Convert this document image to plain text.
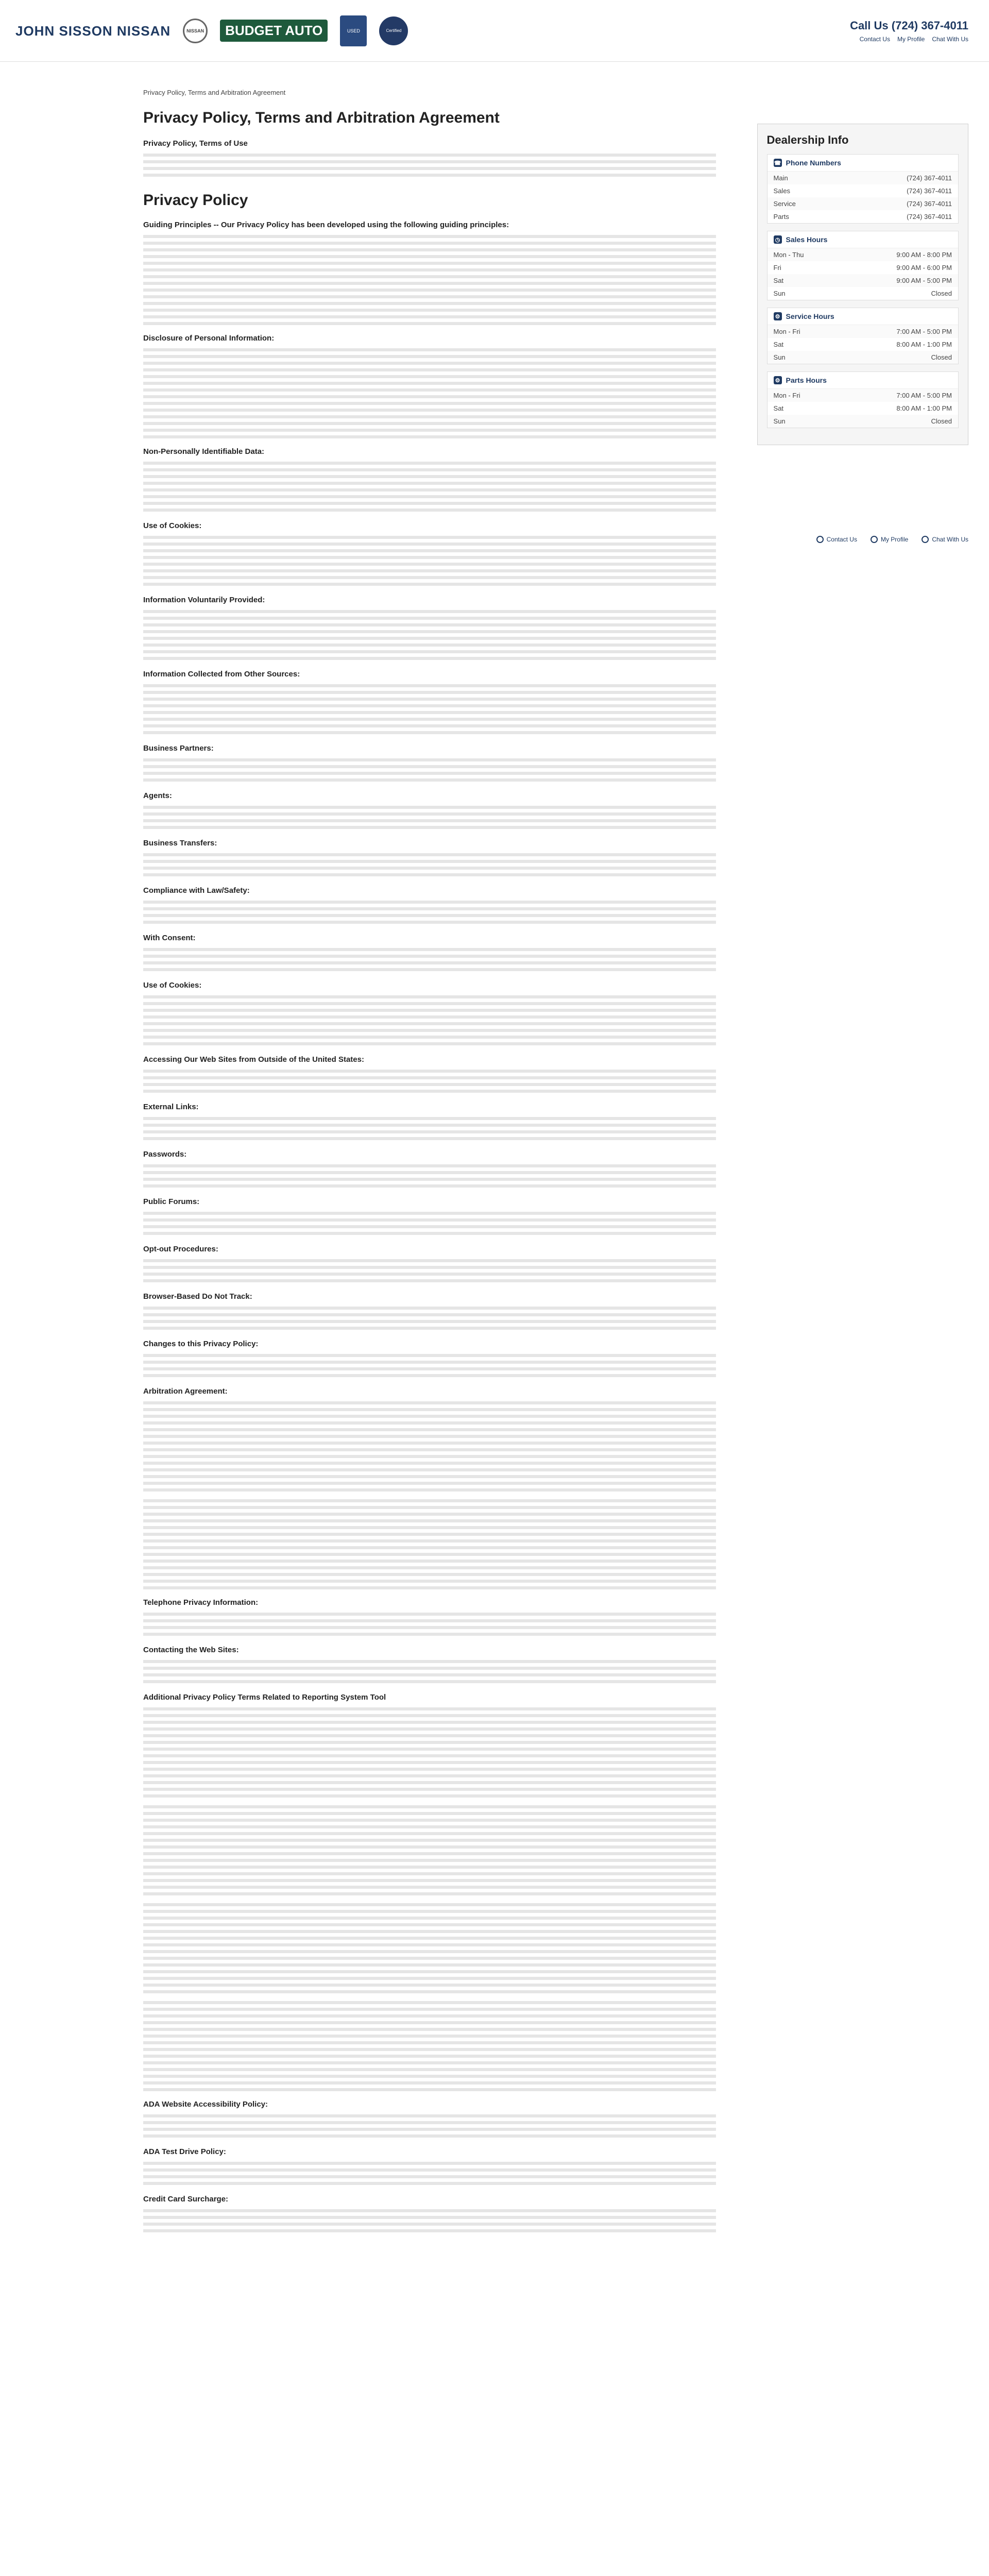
JOHN SISSON NISSAN	NISSAN	BUDGET AUTO	USED	Certified	Call Us (724) 367-4011
Contact Us My Profile Chat With Us
Privacy Policy, Terms and Arbitration Agreement
Privacy Policy, Terms and Arbitration Agreement
Privacy Policy, Terms of Use
Privacy Policy
Guiding Principles -- Our Privacy Policy has been developed using the following guiding principles:
Disclosure of Personal Information:
Non-Personally Identifiable Data:
Use of Cookies:
Information Voluntarily Provided:
Information Collected from Other Sources:
Business Partners:
Agents:
Business Transfers:
Compliance with Law/Safety:
With Consent:
Use of Cookies:
Accessing Our Web Sites from Outside of the United States:
External Links:
Passwords:
Public Forums:
Opt-out Procedures:
Browser-Based Do Not Track:
Changes to this Privacy Policy:
Arbitration Agreement:
Telephone Privacy Information:
Contacting the Web Sites:
Additional Privacy Policy Terms Related to Reporting System Tool
ADA Website Accessibility Policy:
ADA Test Drive Policy:
Credit Card Surcharge:
Dealership Info
☎ Phone Numbers
Main	(724) 367-4011
Sales	(724) 367-4011
Service	(724) 367-4011
Parts	(724) 367-4011
◷ Sales Hours
Mon - Thu	9:00 AM - 8:00 PM
Fri	9:00 AM - 6:00 PM
Sat	9:00 AM - 5:00 PM
Sun	Closed
⚙ Service Hours
Mon - Fri	7:00 AM - 5:00 PM
Sat	8:00 AM - 1:00 PM
Sun	Closed
⚙ Parts Hours
Mon - Fri	7:00 AM - 5:00 PM
Sat	8:00 AM - 1:00 PM
Sun	Closed
Contact Us	My Profile	Chat With Us
